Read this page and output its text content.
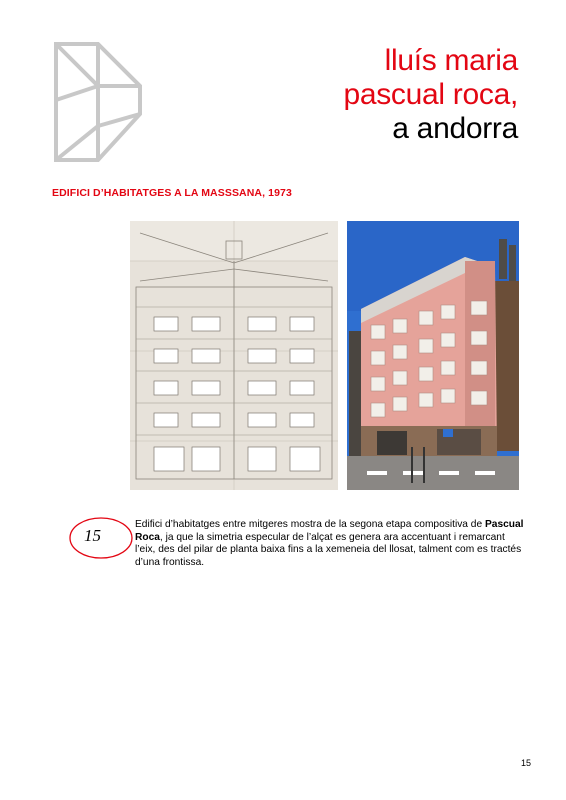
lluís maria
pascual roca,
a andorra
EDIFICI D’HABITATGES A LA MASSSANA, 1973
15
Edifici d’habitatges entre mitgeres mostra de la segona etapa compositiva de Pascual Roca, ja que la simetria especular de l’alçat es genera ara accentuant i remarcant l’eix, des del pilar de planta baixa fins a la xemeneia del llosat, talment com es tractés d’una frontissa.
15
